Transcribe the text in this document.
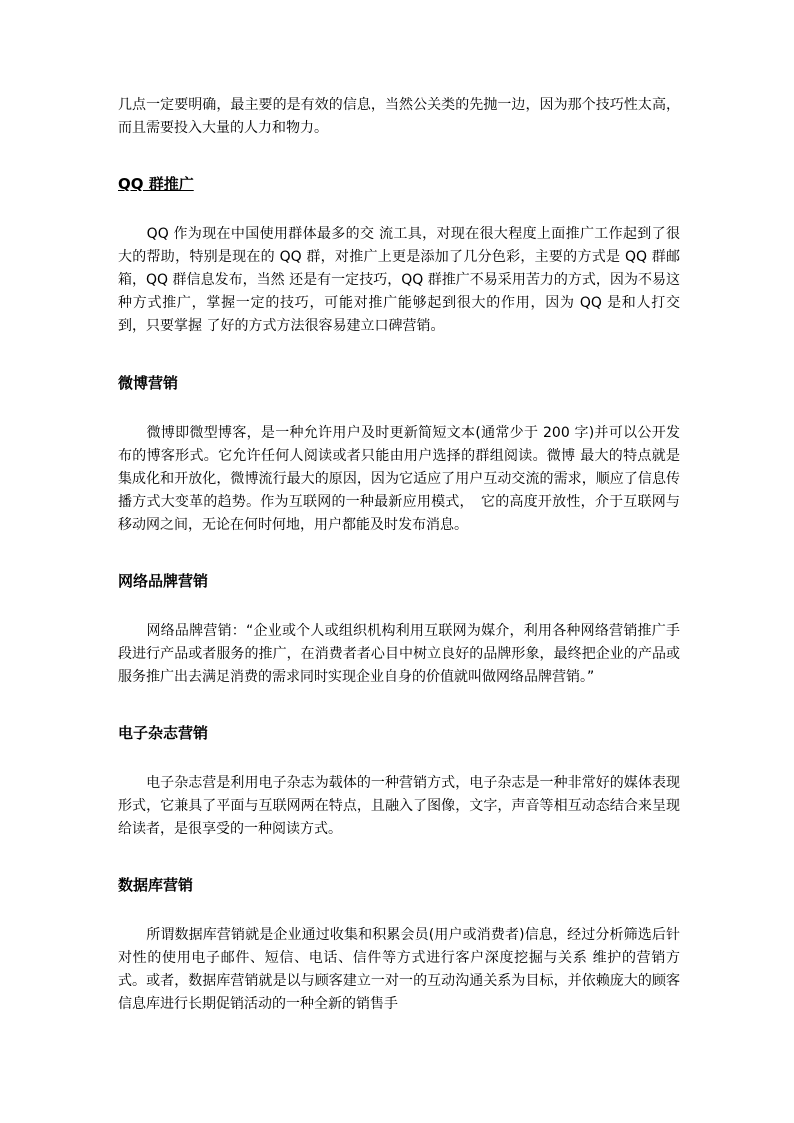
几点一定要明确，最主要的是有效的信息，当然公关类的先抛一边，因为那个技巧性太高，而且需要投入大量的人力和物力。

QQ 群推广

　　QQ 作为现在中国使用群体最多的交 流工具，对现在很大程度上面推广工作起到了很大的帮助，特别是现在的 QQ 群，对推广上更是添加了几分色彩，主要的方式是 QQ 群邮箱，QQ 群信息发布，当然 还是有一定技巧，QQ 群推广不易采用苦力的方式，因为不易这种方式推广，掌握一定的技巧，可能对推广能够起到很大的作用，因为 QQ 是和人打交到，只要掌握 了好的方式方法很容易建立口碑营销。

微博营销

　　微博即微型博客，是一种允许用户及时更新简短文本(通常少于 200 字)并可以公开发布的博客形式。它允许任何人阅读或者只能由用户选择的群组阅读。微博 最大的特点就是集成化和开放化，微博流行最大的原因，因为它适应了用户互动交流的需求，顺应了信息传播方式大变革的趋势。作为互联网的一种最新应用模式，　它的高度开放性，介于互联网与移动网之间，无论在何时何地，用户都能及时发布消息。

网络品牌营销

　　网络品牌营销：“企业或个人或组织机构利用互联网为媒介，利用各种网络营销推广手段进行产品或者服务的推广，在消费者者心目中树立良好的品牌形象，最终把企业的产品或服务推广出去满足消费的需求同时实现企业自身的价值就叫做网络品牌营销。”

电子杂志营销

　　电子杂志营是利用电子杂志为载体的一种营销方式，电子杂志是一种非常好的媒体表现形式，它兼具了平面与互联网两在特点，且融入了图像，文字，声音等相互动态结合来呈现给读者，是很享受的一种阅读方式。

数据库营销

　　所谓数据库营销就是企业通过收集和积累会员(用户或消费者)信息，经过分析筛选后针对性的使用电子邮件、短信、电话、信件等方式进行客户深度挖掘与关系 维护的营销方式。或者，数据库营销就是以与顾客建立一对一的互动沟通关系为目标，并依赖庞大的顾客信息库进行长期促销活动的一种全新的销售手
